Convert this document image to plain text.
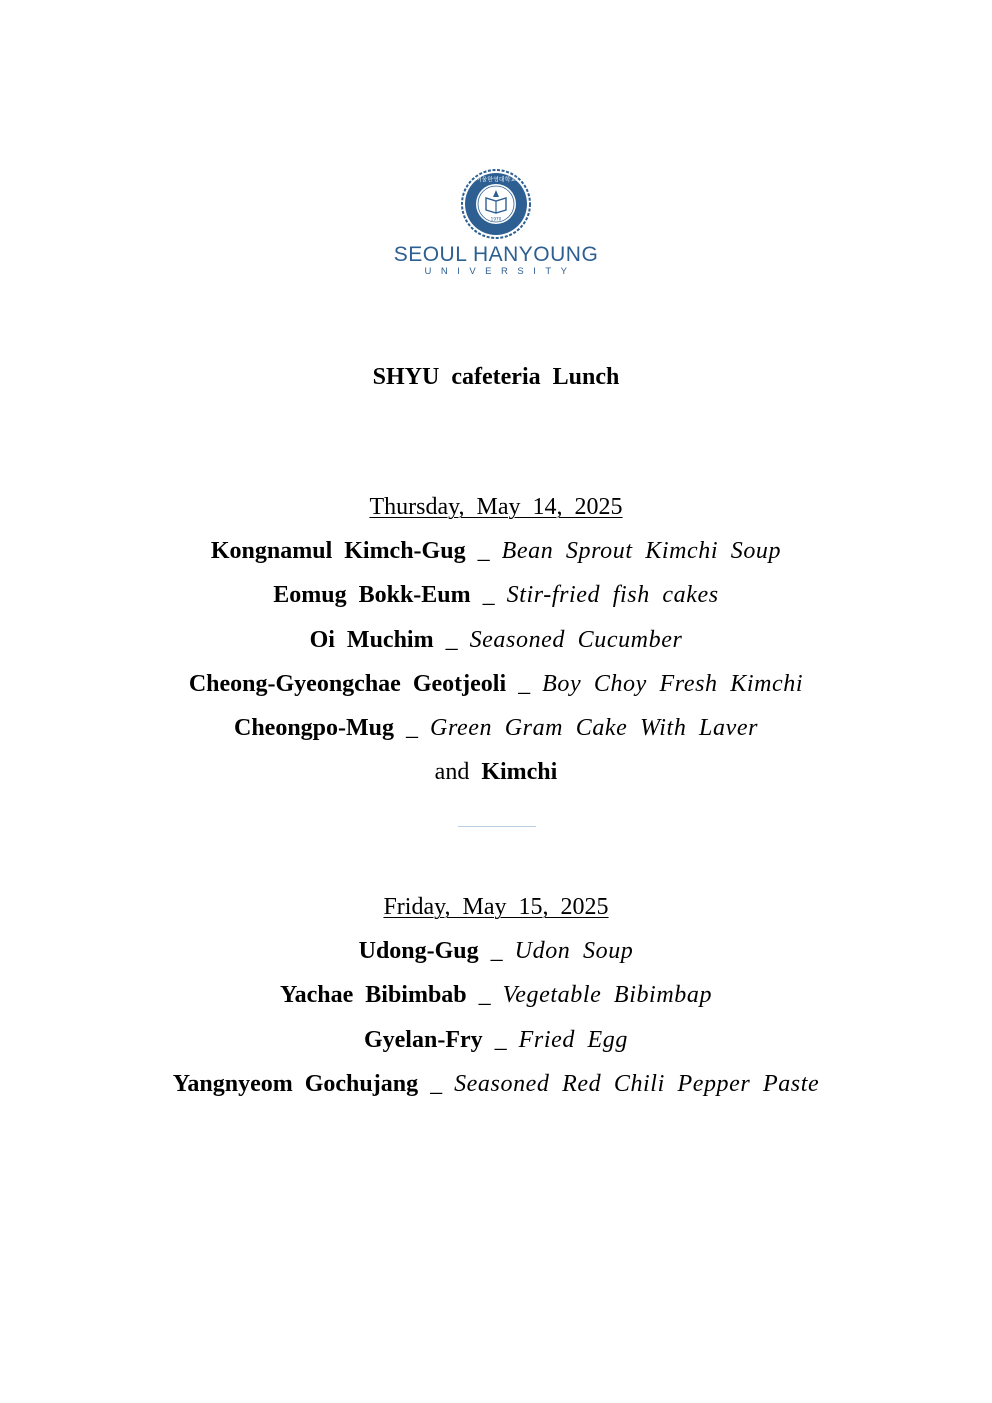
서울한영대학교
1970
SEOUL HANYOUNG
UNIVERSITY
SHYU cafeteria Lunch
Thursday, May 14, 2025
Kongnamul Kimch-Gug _ Bean Sprout Kimchi Soup
Eomug Bokk-Eum _ Stir-fried fish cakes
Oi Muchim _ Seasoned Cucumber
Cheong-Gyeongchae Geotjeoli _ Boy Choy Fresh Kimchi
Cheongpo-Mug _ Green Gram Cake With Laver
and Kimchi
Friday, May 15, 2025
Udong-Gug _ Udon Soup
Yachae Bibimbab _ Vegetable Bibimbap
Gyelan-Fry _ Fried Egg
Yangnyeom Gochujang _ Seasoned Red Chili Pepper Paste
